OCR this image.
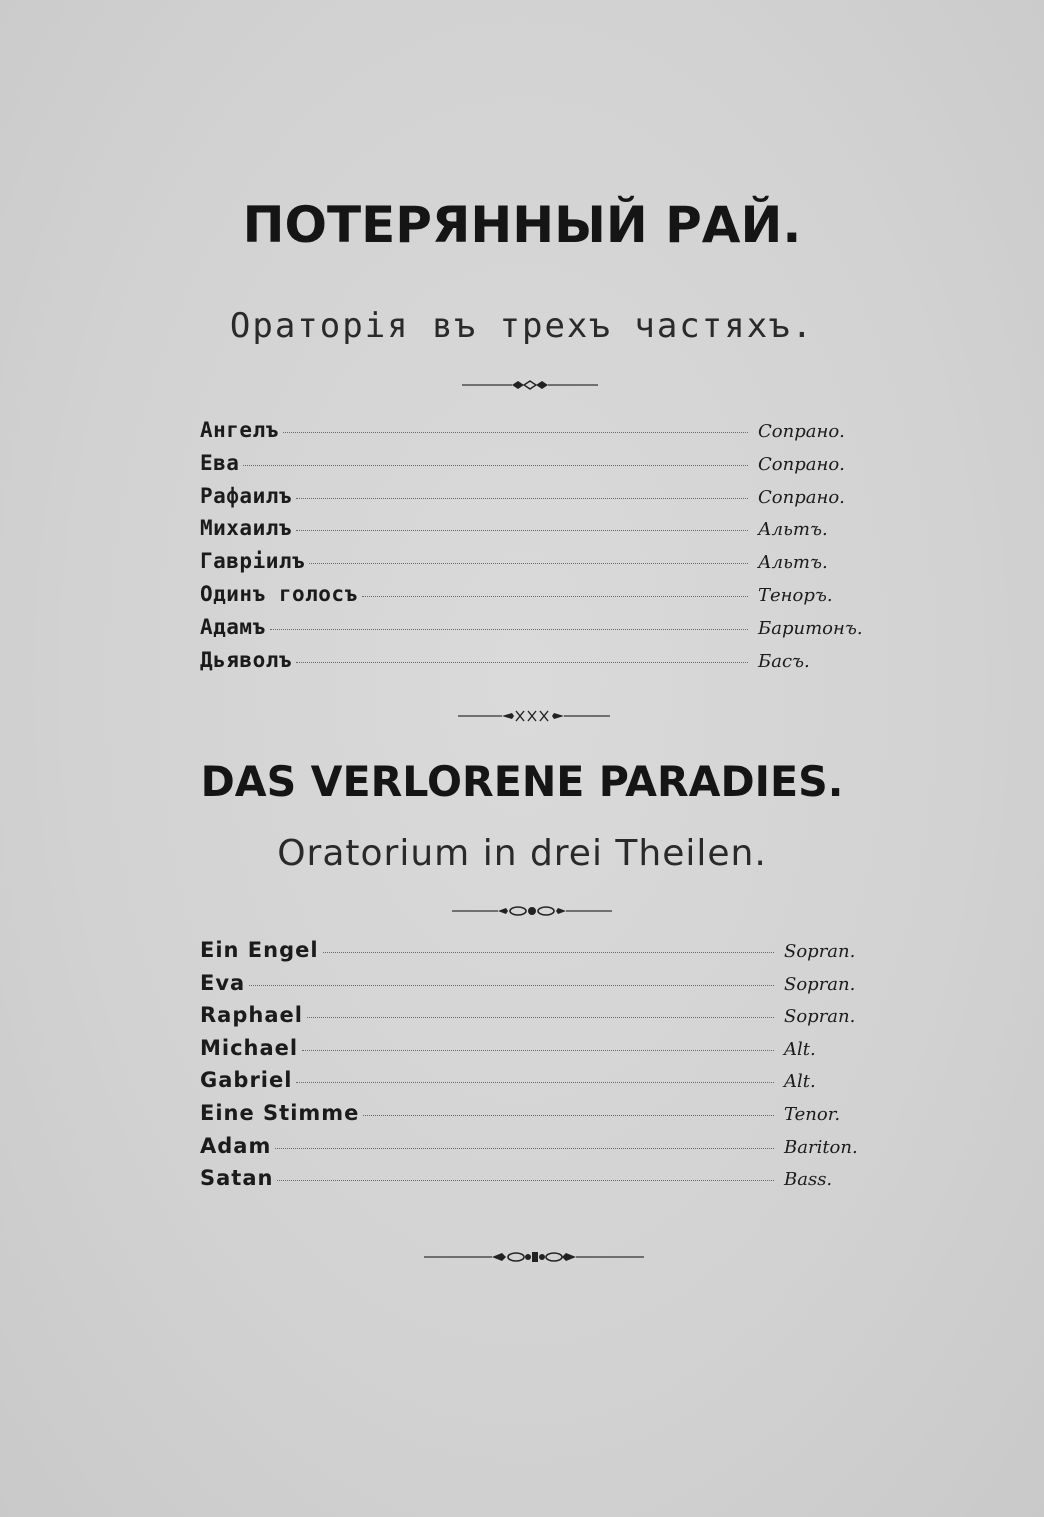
ПОТЕРЯННЫЙ РАЙ.
Ораторія въ трехъ частяхъ.
Ангелъ	Сопрано.
Ева	Сопрано.
Рафаилъ	Сопрано.
Михаилъ	Альтъ.
Гавріилъ	Альтъ.
Одинъ голосъ	Теноръ.
Адамъ	Баритонъ.
Дьяволъ	Басъ.
DAS VERLORENE PARADIES.
Oratorium in drei Theilen.
Ein Engel	Sopran.
Eva	Sopran.
Raphael	Sopran.
Michael	Alt.
Gabriel	Alt.
Eine Stimme	Tenor.
Adam	Bariton.
Satan	Bass.
